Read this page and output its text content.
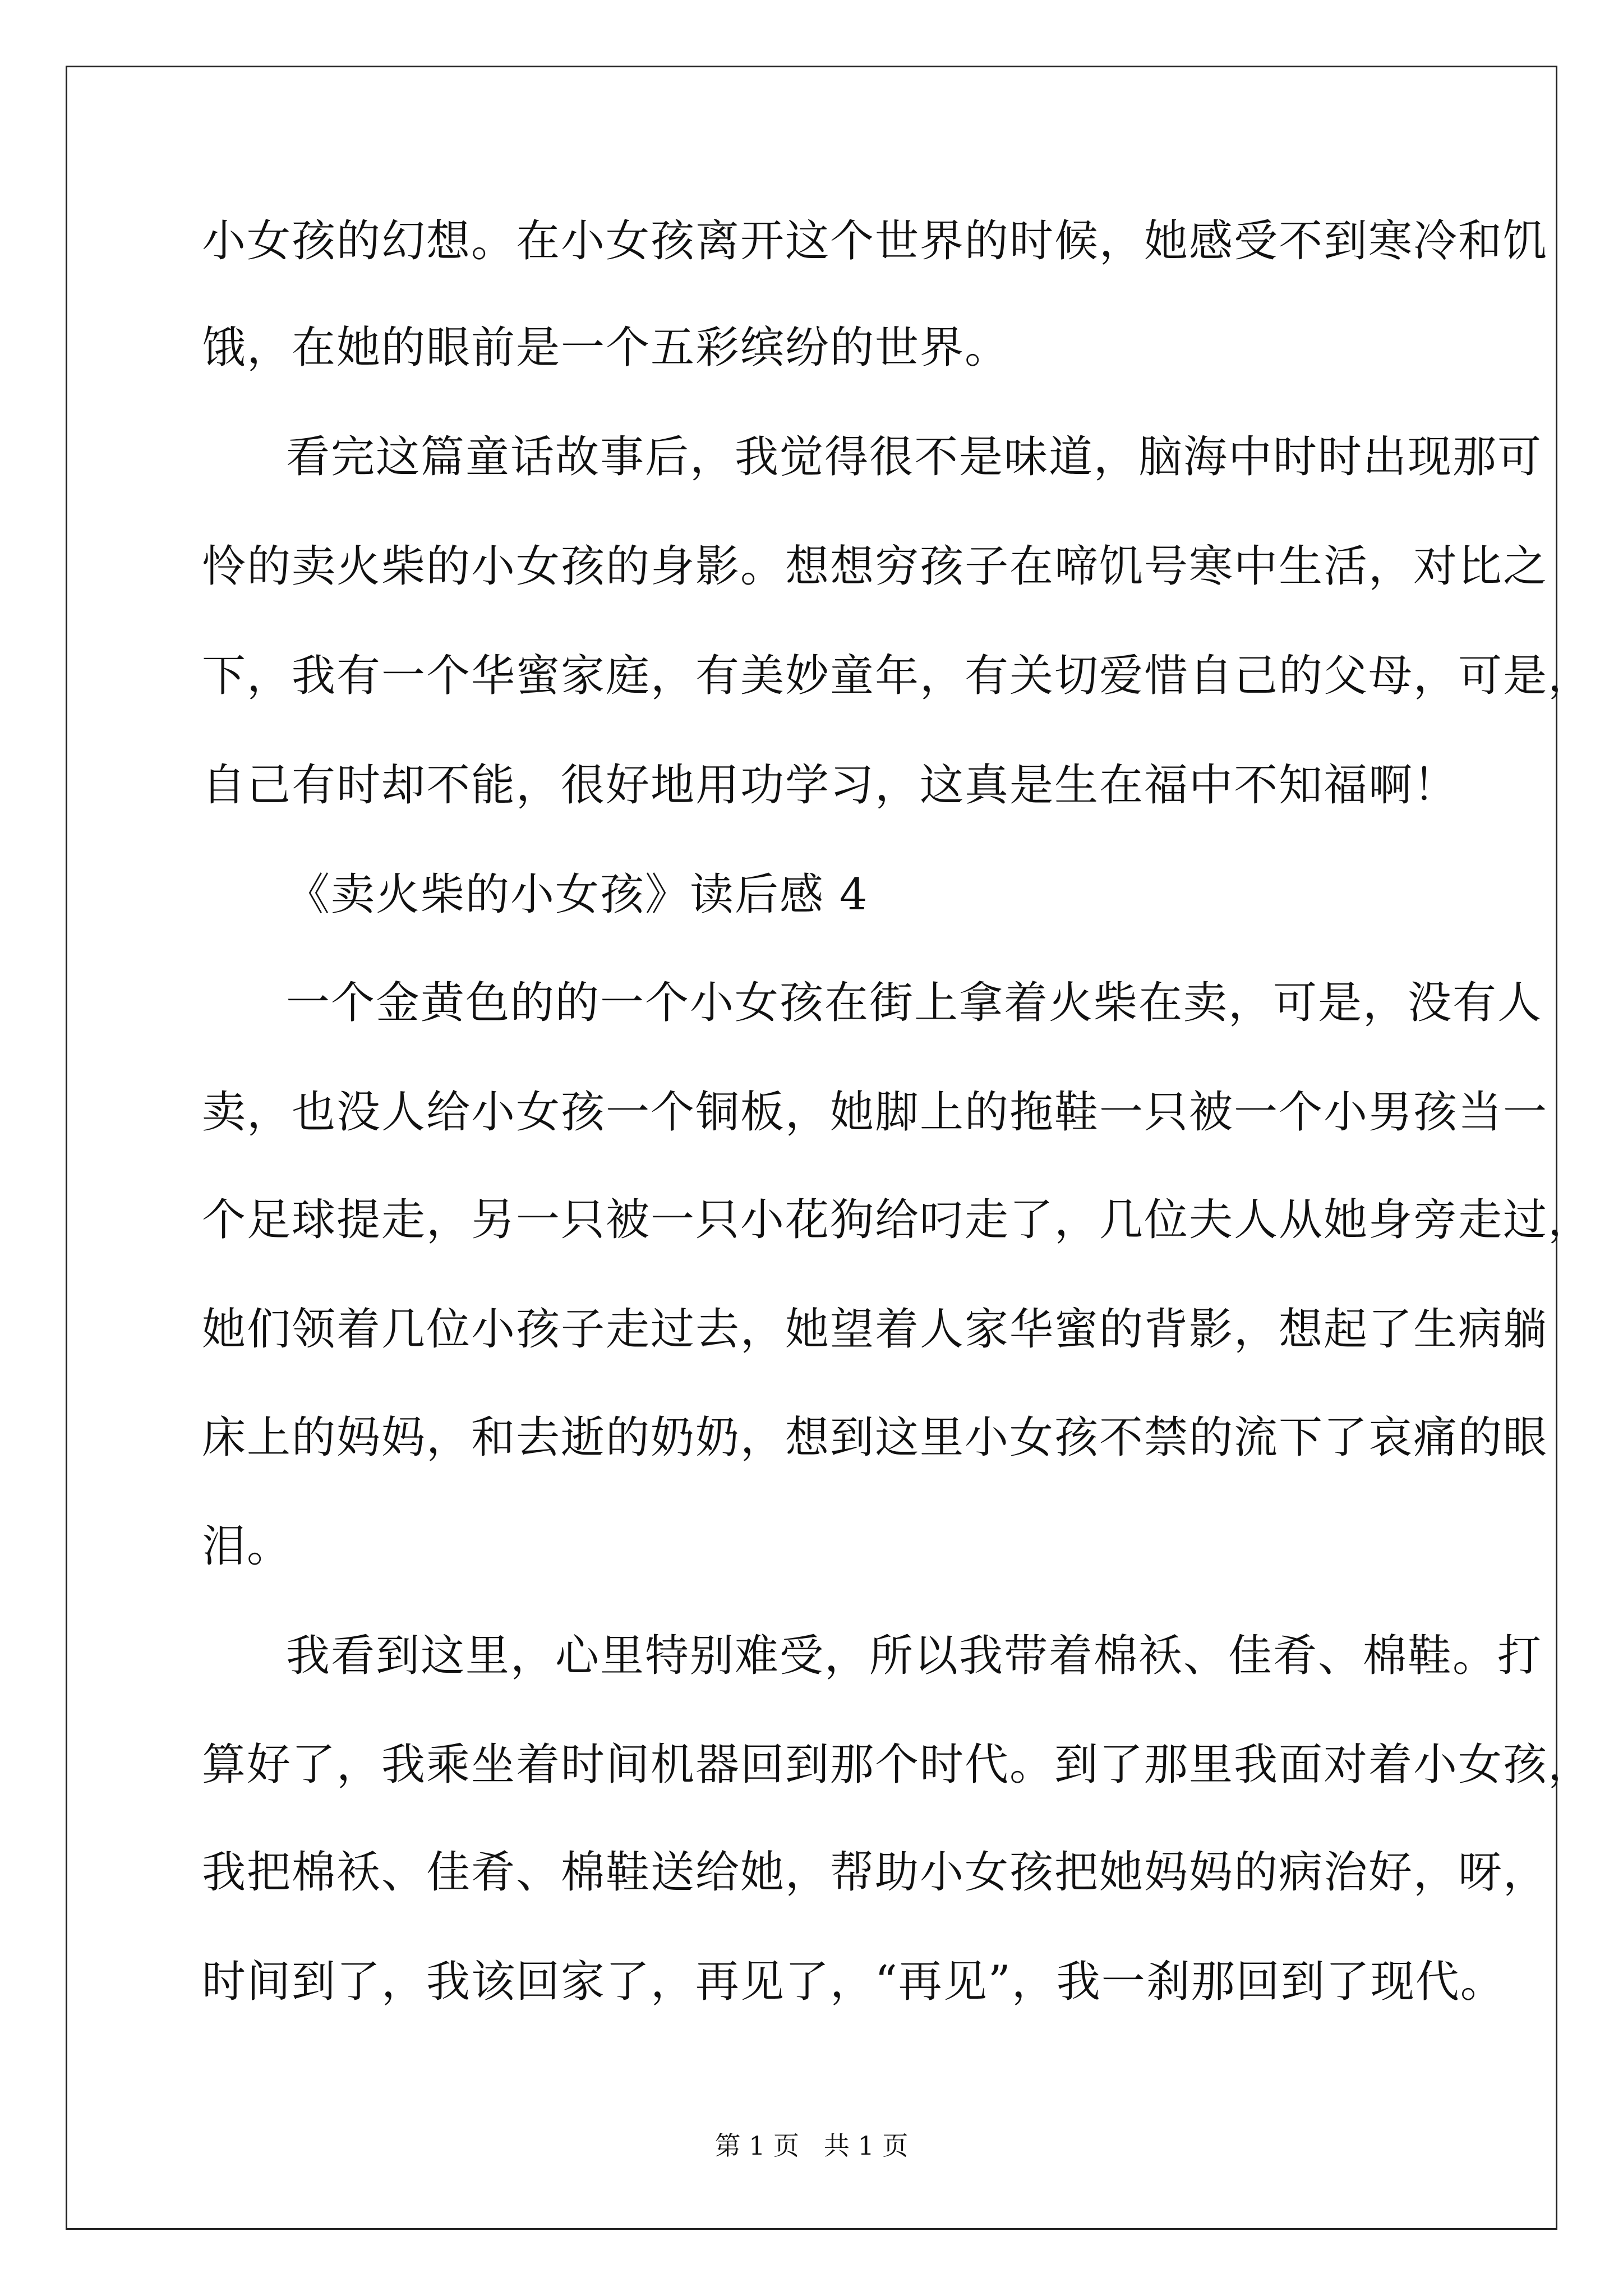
小女孩的幻想。在小女孩离开这个世界的时候，她感受不到寒冷和饥
饿，在她的眼前是一个五彩缤纷的世界。
看完这篇童话故事后，我觉得很不是味道，脑海中时时出现那可
怜的卖火柴的小女孩的身影。想想穷孩子在啼饥号寒中生活，对比之
下，我有一个华蜜家庭，有美妙童年，有关切爱惜自己的父母，可是，
自己有时却不能，很好地用功学习，这真是生在福中不知福啊！
《卖火柴的小女孩》读后感 4
一个金黄色的的一个小女孩在街上拿着火柴在卖，可是，没有人
卖，也没人给小女孩一个铜板，她脚上的拖鞋一只被一个小男孩当一
个足球提走，另一只被一只小花狗给叼走了，几位夫人从她身旁走过，
她们领着几位小孩子走过去，她望着人家华蜜的背影，想起了生病躺
床上的妈妈，和去逝的奶奶，想到这里小女孩不禁的流下了哀痛的眼
泪。
我看到这里，心里特别难受，所以我带着棉袄、佳肴、棉鞋。打
算好了，我乘坐着时间机器回到那个时代。到了那里我面对着小女孩，
我把棉袄、佳肴、棉鞋送给她，帮助小女孩把她妈妈的病治好，呀，
时间到了，我该回家了，再见了，“再见”，我一刹那回到了现代。
第 1 页   共 1 页
